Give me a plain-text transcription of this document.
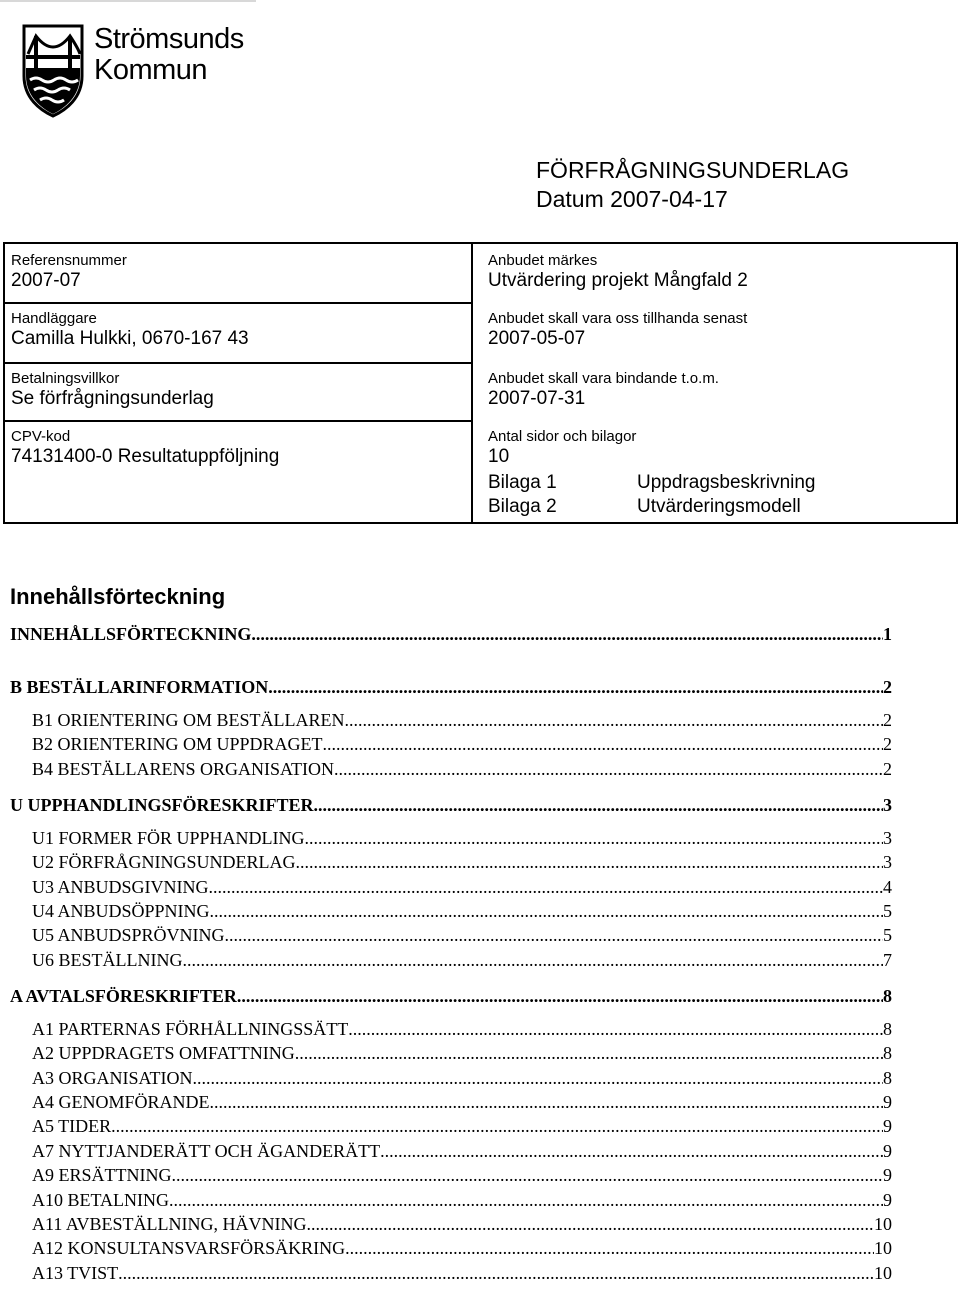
Strömsunds
Kommun
FÖRFRÅGNINGSUNDERLAG
Datum 2007-04-17
Referensnummer
2007-07
Handläggare
Camilla Hulkki, 0670-167 43
Betalningsvillkor
Se förfrågningsunderlag
CPV-kod
74131400-0 Resultatuppföljning
Anbudet märkes
Utvärdering projekt Mångfald 2
Anbudet skall vara oss tillhanda senast
2007-05-07
Anbudet skall vara bindande t.o.m.
2007-07-31
Antal sidor och bilagor
10
Bilaga 1	Uppdragsbeskrivning
Bilaga 2	Utvärderingsmodell
Innehållsförteckning
INNEHÅLLSFÖRTECKNING .....	1
B BESTÄLLARINFORMATION .....	2
B1 ORIENTERING OM BESTÄLLAREN .....	2
B2 ORIENTERING OM UPPDRAGET .....	2
B4 BESTÄLLARENS ORGANISATION .....	2
U UPPHANDLINGSFÖRESKRIFTER .....	3
U1 FORMER FÖR UPPHANDLING .....	3
U2 FÖRFRÅGNINGSUNDERLAG .....	3
U3 ANBUDSGIVNING .....	4
U4 ANBUDSÖPPNING .....	5
U5 ANBUDSPRÖVNING .....	5
U6 BESTÄLLNING .....	7
A AVTALSFÖRESKRIFTER .....	8
A1 PARTERNAS FÖRHÅLLNINGSSÄTT .....	8
A2 UPPDRAGETS OMFATTNING .....	8
A3 ORGANISATION .....	8
A4 GENOMFÖRANDE .....	9
A5 TIDER .....	9
A7 NYTTJANDERÄTT OCH ÄGANDERÄTT .....	9
A9 ERSÄTTNING .....	9
A10 BETALNING .....	9
A11 AVBESTÄLLNING, HÄVNING .....	10
A12 KONSULTANSVARSFÖRSÄKRING .....	10
A13 TVIST .....	10
